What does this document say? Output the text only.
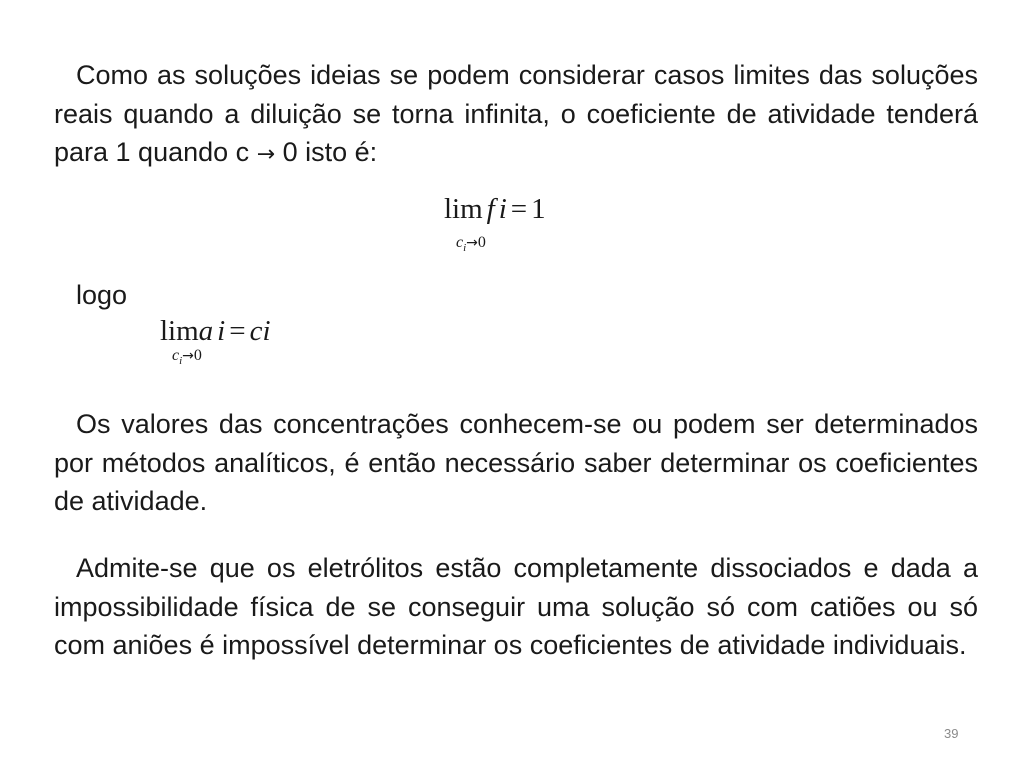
Como as soluções ideias se podem considerar casos limites das soluções reais quando a diluição se torna infinita, o coeficiente de atividade tenderá para 1 quando c → 0 isto é:

lim f i = 1
$c_i\to 0$

logo

lima i = ci
$c_i\to 0$

Os valores das concentrações conhecem-se ou podem ser determinados por métodos analíticos, é então necessário saber determinar os coeficientes de atividade.

Admite-se que os eletrólitos estão completamente dissociados e dada a impossibilidade física de se conseguir uma solução só com catiões ou só com aniões é impossível determinar os coeficientes de atividade individuais.

39
